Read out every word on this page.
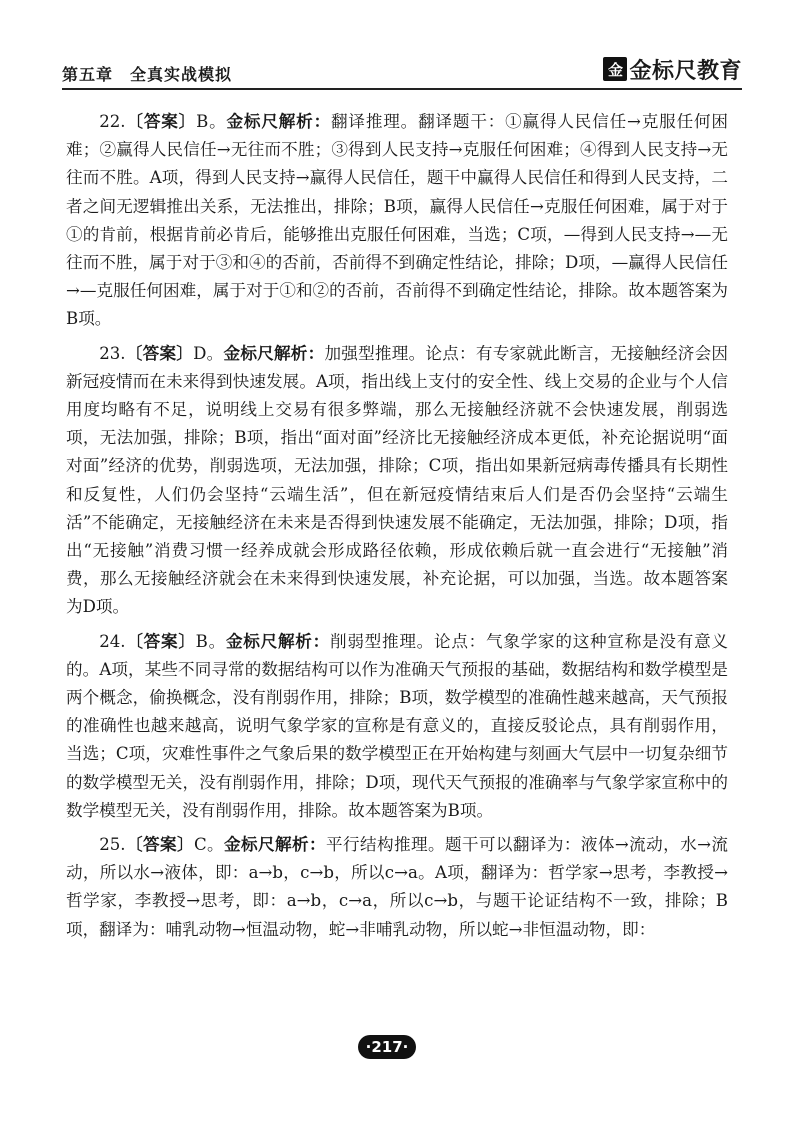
第五章　全真实战模拟	金 金标尺教育

22.〔答案〕B。金标尺解析：翻译推理。翻译题干：①赢得人民信任→克服任何困难；②赢得人民信任→无往而不胜；③得到人民支持→克服任何困难；④得到人民支持→无往而不胜。A项，得到人民支持→赢得人民信任，题干中赢得人民信任和得到人民支持，二者之间无逻辑推出关系，无法推出，排除；B项，赢得人民信任→克服任何困难，属于对于①的肯前，根据肯前必肯后，能够推出克服任何困难，当选；C项，—得到人民支持→—无往而不胜，属于对于③和④的否前，否前得不到确定性结论，排除；D项，—赢得人民信任→—克服任何困难，属于对于①和②的否前，否前得不到确定性结论，排除。故本题答案为B项。

23.〔答案〕D。金标尺解析：加强型推理。论点：有专家就此断言，无接触经济会因新冠疫情而在未来得到快速发展。A项，指出线上支付的安全性、线上交易的企业与个人信用度均略有不足，说明线上交易有很多弊端，那么无接触经济就不会快速发展，削弱选项，无法加强，排除；B项，指出“面对面”经济比无接触经济成本更低，补充论据说明“面对面”经济的优势，削弱选项，无法加强，排除；C项，指出如果新冠病毒传播具有长期性和反复性，人们仍会坚持“云端生活”，但在新冠疫情结束后人们是否仍会坚持“云端生活”不能确定，无接触经济在未来是否得到快速发展不能确定，无法加强，排除；D项，指出“无接触”消费习惯一经养成就会形成路径依赖，形成依赖后就一直会进行“无接触”消费，那么无接触经济就会在未来得到快速发展，补充论据，可以加强，当选。故本题答案为D项。

24.〔答案〕B。金标尺解析：削弱型推理。论点：气象学家的这种宣称是没有意义的。A项，某些不同寻常的数据结构可以作为准确天气预报的基础，数据结构和数学模型是两个概念，偷换概念，没有削弱作用，排除；B项，数学模型的准确性越来越高，天气预报的准确性也越来越高，说明气象学家的宣称是有意义的，直接反驳论点，具有削弱作用，当选；C项，灾难性事件之气象后果的数学模型正在开始构建与刻画大气层中一切复杂细节的数学模型无关，没有削弱作用，排除；D项，现代天气预报的准确率与气象学家宣称中的数学模型无关，没有削弱作用，排除。故本题答案为B项。

25.〔答案〕C。金标尺解析：平行结构推理。题干可以翻译为：液体→流动，水→流动，所以水→液体，即：a→b，c→b，所以c→a。A项，翻译为：哲学家→思考，李教授→哲学家，李教授→思考，即：a→b，c→a，所以c→b，与题干论证结构不一致，排除；B项，翻译为：哺乳动物→恒温动物，蛇→非哺乳动物，所以蛇→非恒温动物，即：

·217·
